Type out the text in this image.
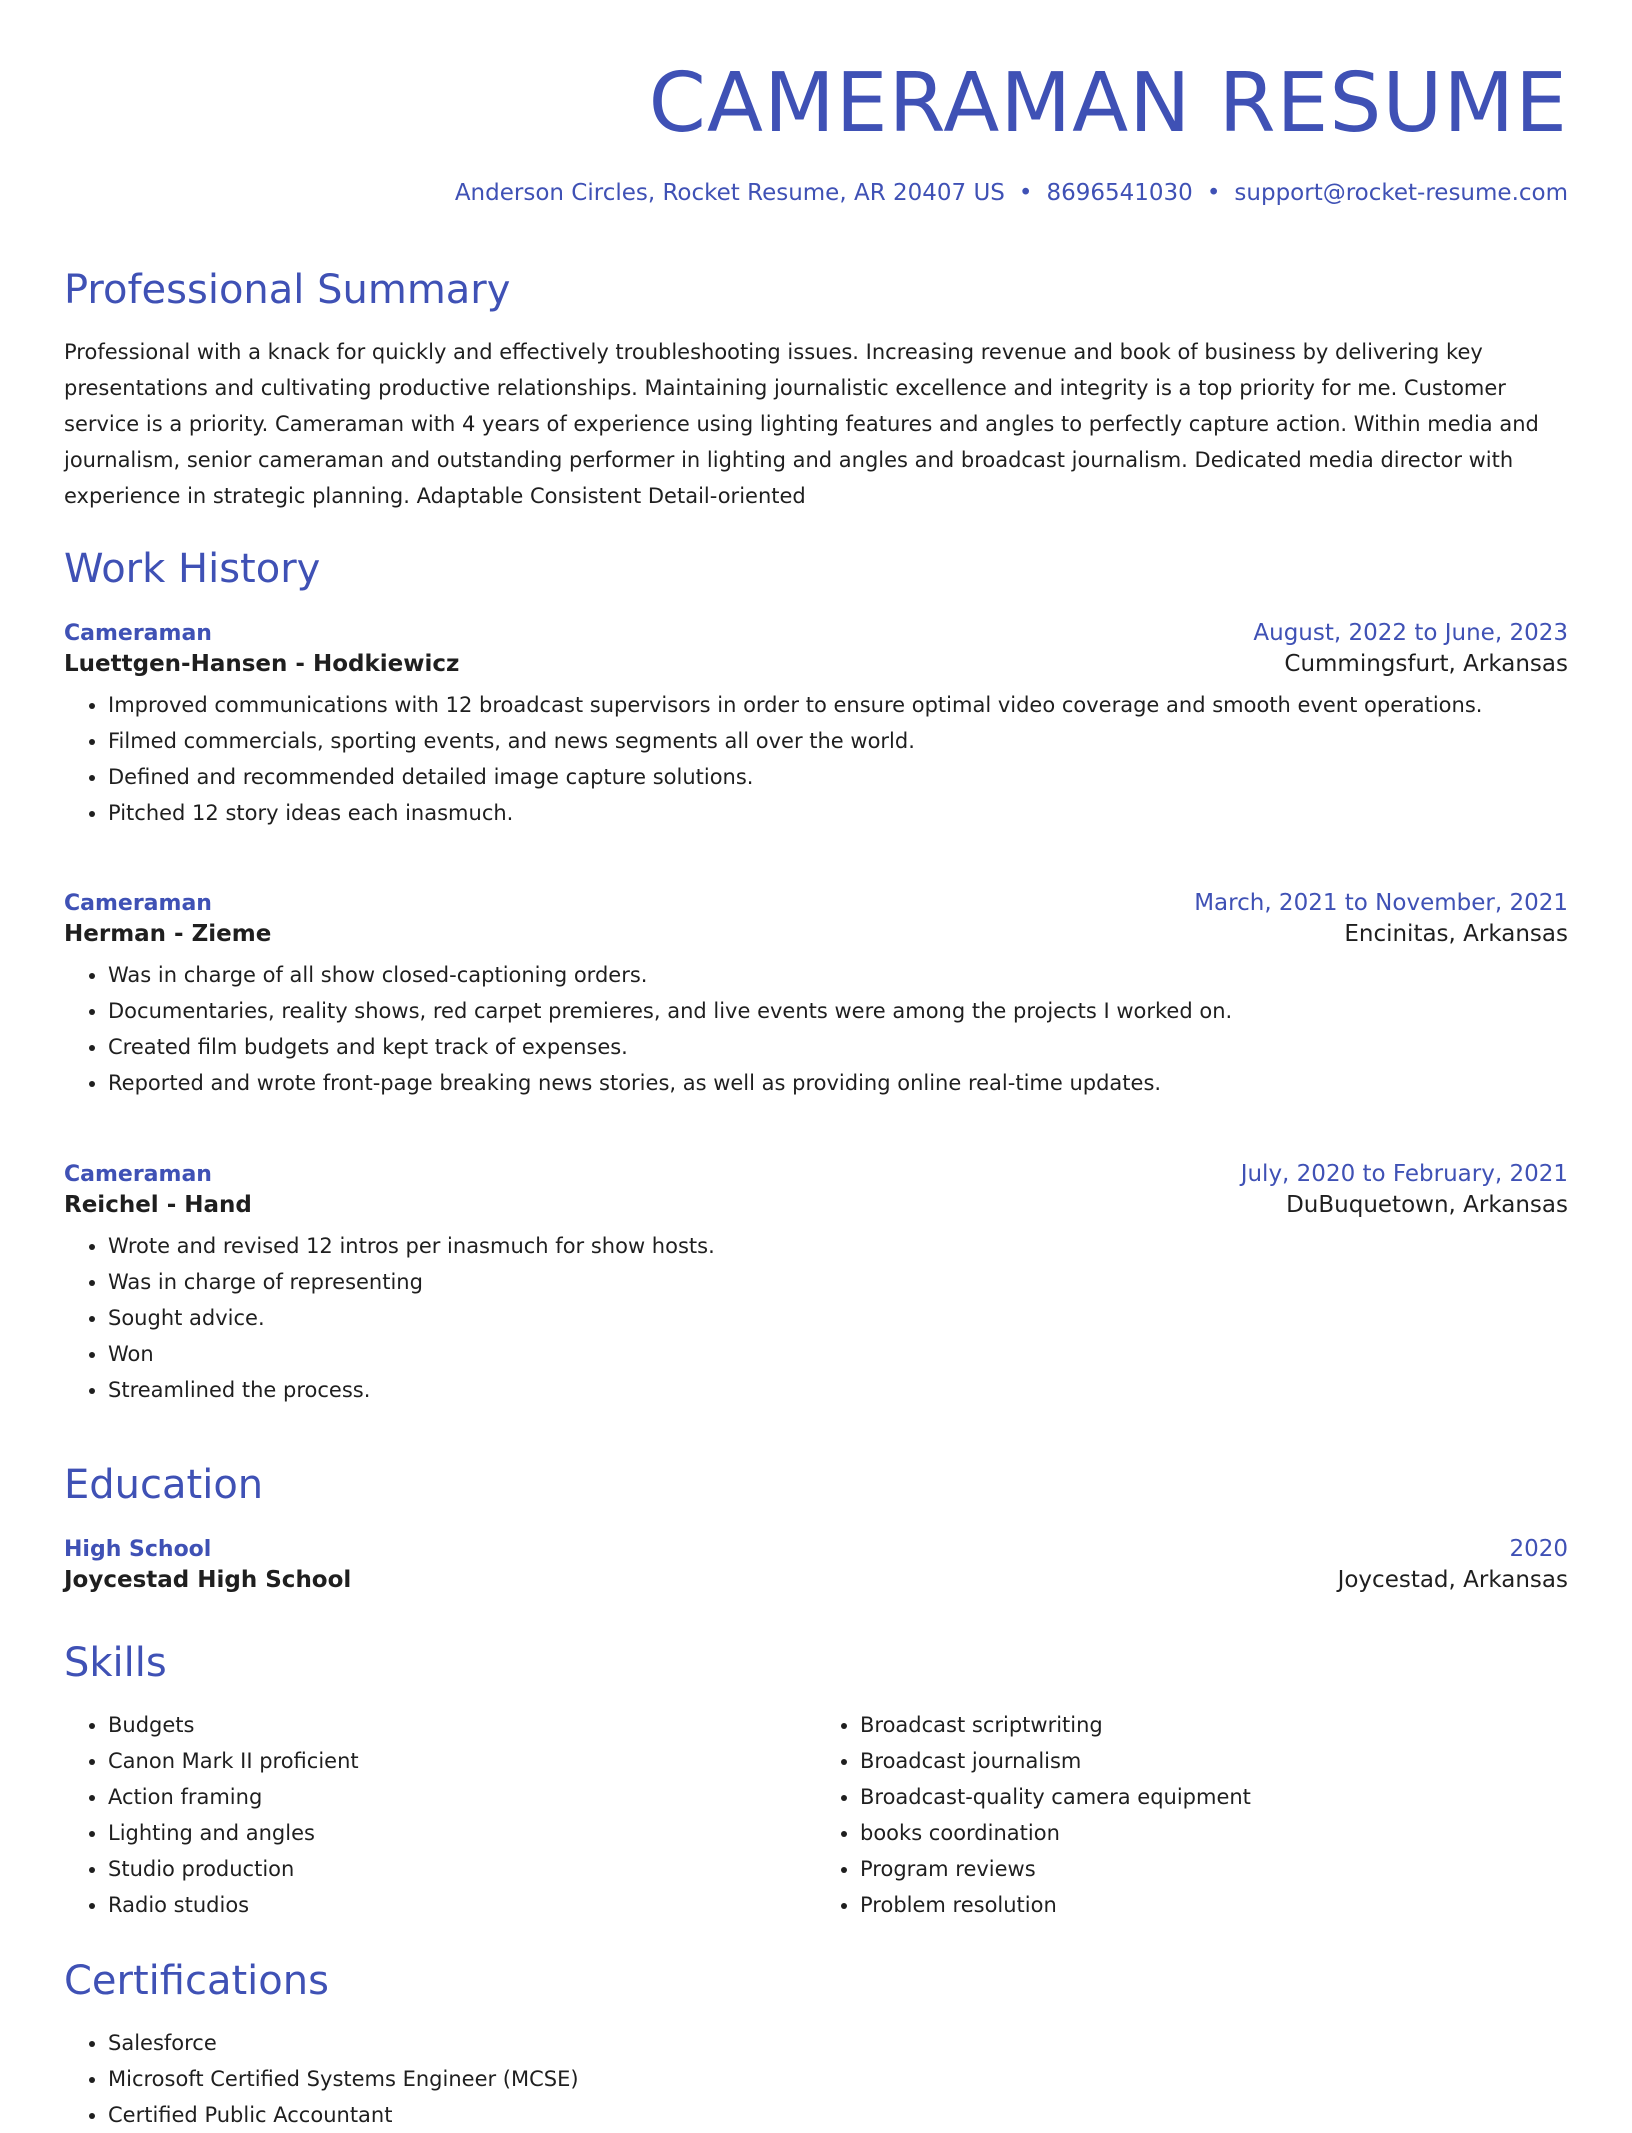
CAMERAMAN RESUME
Anderson Circles, Rocket Resume, AR 20407 US • 8696541030 • support@rocket-resume.com
Professional Summary

Professional with a knack for quickly and effectively troubleshooting issues. Increasing revenue and book of business by delivering key presentations and cultivating productive relationships. Maintaining journalistic excellence and integrity is a top priority for me. Customer service is a priority. Cameraman with 4 years of experience using lighting features and angles to perfectly capture action. Within media and journalism, senior cameraman and outstanding performer in lighting and angles and broadcast journalism. Dedicated media director with experience in strategic planning. Adaptable Consistent Detail-oriented

Work History
Cameraman	August, 2022 to June, 2023
Luettgen-Hansen - Hodkiewicz	Cummingsfurt, Arkansas
• Improved communications with 12 broadcast supervisors in order to ensure optimal video coverage and smooth event operations.
• Filmed commercials, sporting events, and news segments all over the world.
• Defined and recommended detailed image capture solutions.
• Pitched 12 story ideas each inasmuch.
Cameraman	March, 2021 to November, 2021
Herman - Zieme	Encinitas, Arkansas
• Was in charge of all show closed-captioning orders.
• Documentaries, reality shows, red carpet premieres, and live events were among the projects I worked on.
• Created film budgets and kept track of expenses.
• Reported and wrote front-page breaking news stories, as well as providing online real-time updates.
Cameraman	July, 2020 to February, 2021
Reichel - Hand	DuBuquetown, Arkansas
• Wrote and revised 12 intros per inasmuch for show hosts.
• Was in charge of representing
• Sought advice.
• Won
• Streamlined the process.
Education
High School	2020
Joycestad High School	Joycestad, Arkansas
Skills
• Budgets
• Canon Mark II proficient
• Action framing
• Lighting and angles
• Studio production
• Radio studios
• Broadcast scriptwriting
• Broadcast journalism
• Broadcast-quality camera equipment
• books coordination
• Program reviews
• Problem resolution
Certifications
• Salesforce
• Microsoft Certified Systems Engineer (MCSE)
• Certified Public Accountant
